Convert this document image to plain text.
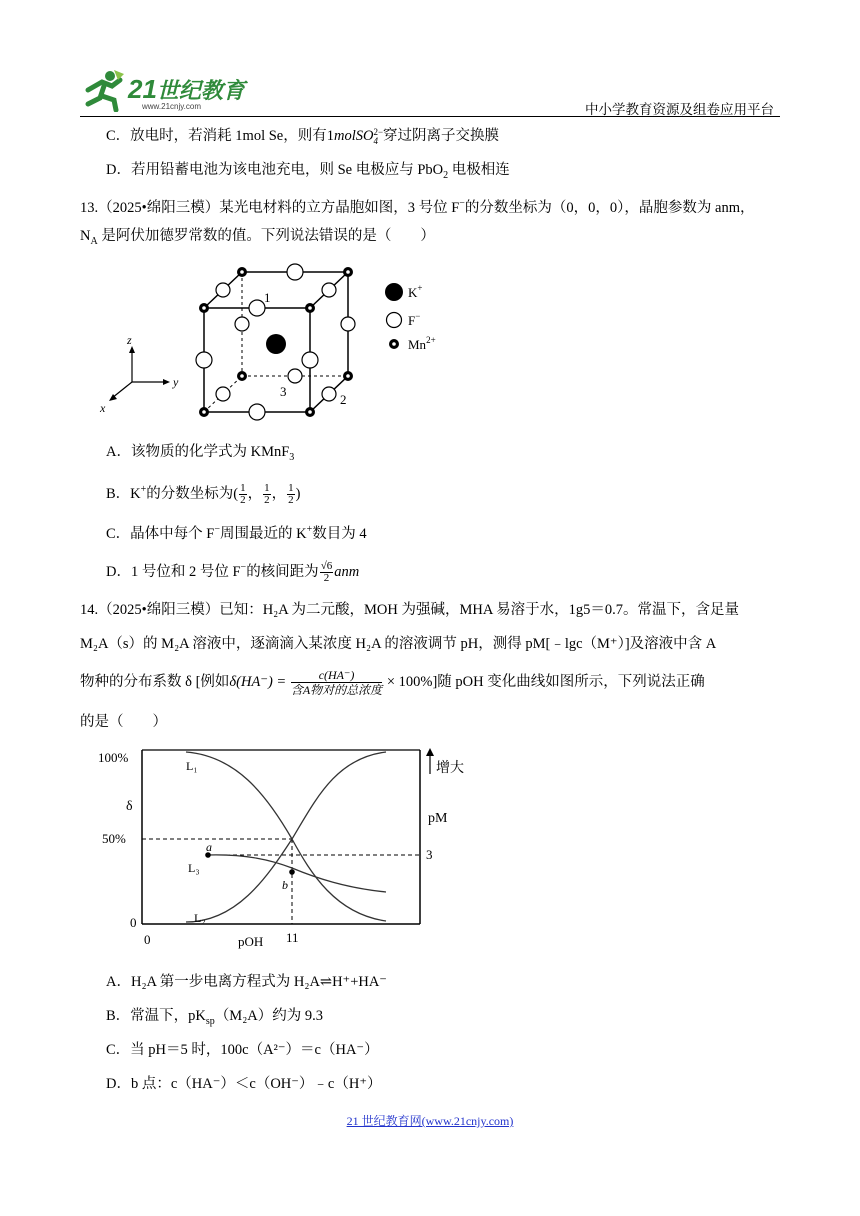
21世纪教育
www.21cnjy.com	中小学教育资源及组卷应用平台
C．放电时，若消耗 1mol Se，则有1molSO 2−
4 穿过阴离子交换膜
D．若用铅蓄电池为该电池充电，则 Se 电极应与 PbO$_2$ 电极相连
13.（2025•绵阳三模）某光电材料的立方晶胞如图，3 号位 F−的分数坐标为（0，0，0），晶胞参数为 anm，
$N_A$ 是阿伏加德罗常数的值。下列说法错误的是（　　）
1
2
3
z
y
x
K+
F−
$Mn^{2+}$
A．该物质的化学式为 KMnF$_3$
B．K+的分数坐标为( $\frac{1}{2}$ ， $\frac{1}{2}$ ， $\frac{1}{2}$ )
C．晶体中每个 F−周围最近的 K+数目为 4
D．1 号位和 2 号位 F−的核间距为 $\frac{√6}{2}$ anm
14.（2025•绵阳三模）已知：H₂A 为二元酸，MOH 为强碱，MHA 易溶于水，1g5＝0.7。常温下，含足量
M₂A（s）的 M₂A 溶液中，逐滴滴入某浓度 H₂A 的溶液调节 pH，测得 pM[﹣lgc（M⁺）]及溶液中含 A
物种的分布系数 δ [例如$\delta(HA^-) = \frac{c(HA^-)}{\text{含A物对的总浓度}} \times 100\%$]随 pOH 变化曲线如图所示，下列说法正确
的是（　　）
增大
100%
50%
0
δ
pM
3
0	11
pOH
L₁
L₂
L₃
a
b
A．H₂A 第一步电离方程式为 H₂A⇌H⁺+HA⁻
B．常温下，$pK_{sp}(M_2A)$约为 9.3
C．当 pH＝5 时，100c（A²⁻）＝c（HA⁻）
D．b 点：c（HA⁻）＜c（OH⁻）﹣c（H⁺）
21 世纪教育网(www.21cnjy.com)
